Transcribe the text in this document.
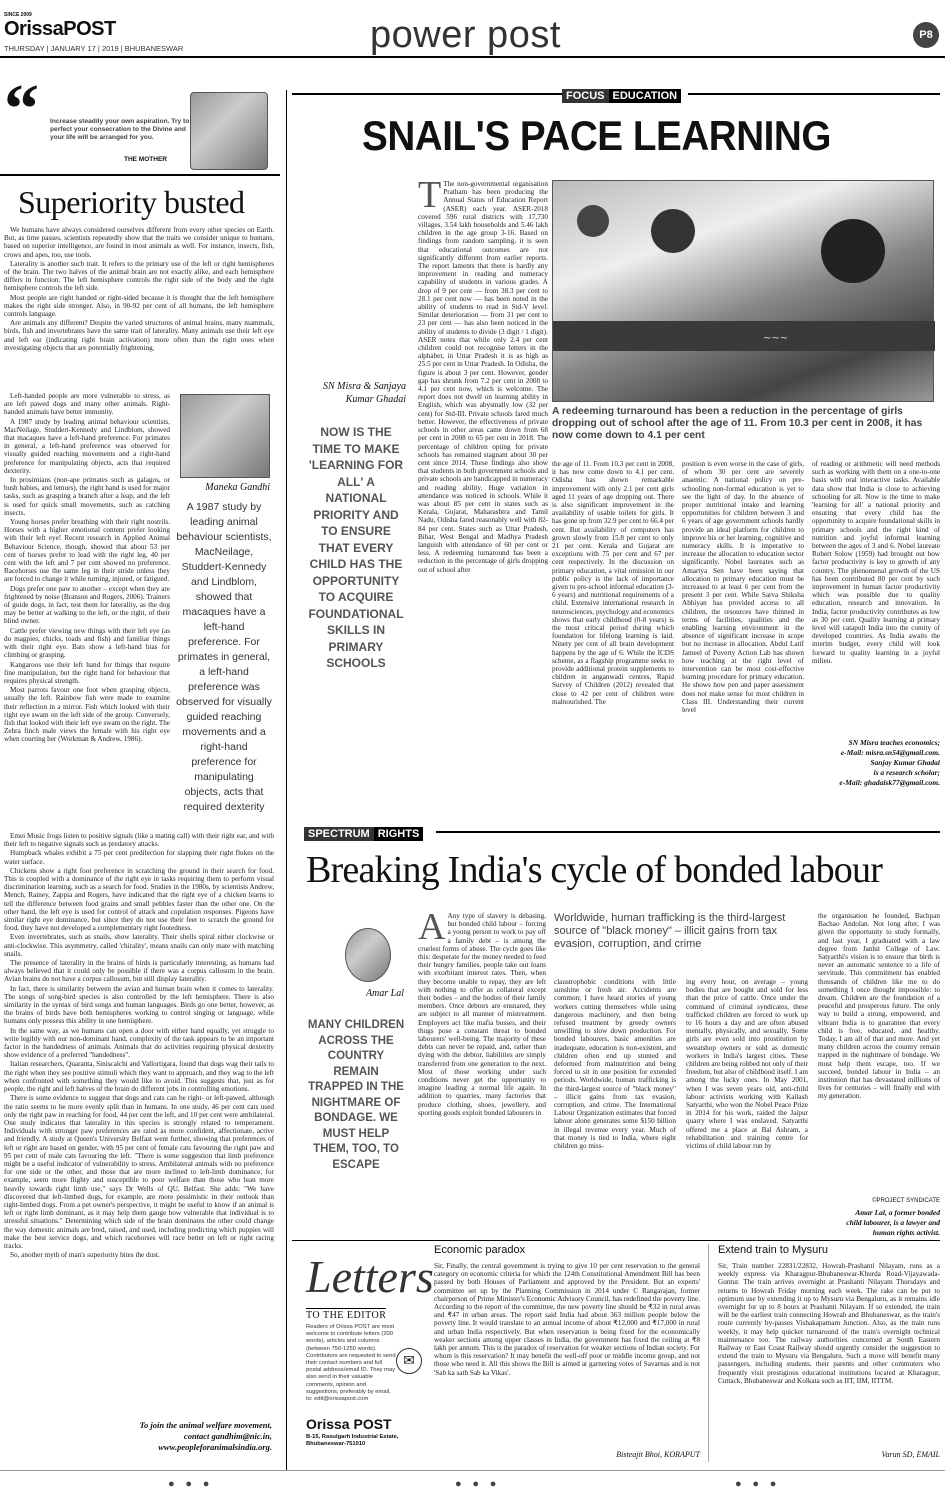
SINCE 2009
OrissaPOST
THURSDAY | JANUARY 17 | 2019 | BHUBANESWAR	power post	P8
“ Increase steadily your own aspiration. Try to perfect your consecration to the Divine and your life will be arranged for you.
THE MOTHER
Superiority busted

We humans have always considered ourselves different from every other species on Earth. But, as time passes, scientists repeatedly show that the traits we consider unique to humans, based on superior intelligence, are found in most animals as well. For instance, insects, fish, crows and apes, too, use tools.

Laterality is another such trait. It refers to the primary use of the left or right hemispheres of the brain. The two halves of the animal brain are not exactly alike, and each hemisphere differs in function. The left hemisphere controls the right side of the body and the right hemisphere controls the left side.

Most people are right handed or right-sided because it is thought that the left hemisphere makes the right side stronger. Also, in 90-92 per cent of all humans, the left hemisphere controls language.

Are animals any different? Despite the varied structures of animal brains, many mammals, birds, fish and invertebrates have the same trait of laterality. Many animals use their left eye and left ear (indicating right brain activation) more often than the right ones when investigating objects that are potentially frightening.

Left-handed people are more vulnerable to stress, as are left pawed dogs and many other animals. Right-handed animals have better immunity.

A 1987 study by leading animal behaviour scientists, MacNeilage, Studdert-Kennedy and Lindblom, showed that macaques have a left-hand preference. For primates in general, a left-hand preference was observed for visually guided reaching movements and a right-hand preference for manipulating objects, acts that required dexterity.

In prosimians (non-ape primates such as galagos, or bush babies, and lemurs), the right hand is used for major tasks, such as grasping a branch after a leap, and the left is used for quick small movements, such as catching insects.

Young horses prefer breathing with their right nostrils. Horses with a higher emotional content prefer looking with their left eye! Recent research in Applied Animal Behaviour Science, though, showed that about 53 per cent of horses prefer to lead with the right leg, 40 per cent with the left and 7 per cent showed no preference. Racehorses use the same leg in their stride unless they are forced to change it while turning, injured, or fatigued.

Dogs prefer one paw to another – except when they are frightened by noise (Branson and Rogers, 2006). Trainers of guide dogs, in fact, test them for laterality, as the dog may be better at walking to the left, or the right, of their blind owner.

Cattle prefer viewing new things with their left eye (as do magpies, chicks, toads and fish) and familiar things with their right eye. Bats show a left-hand bias for climbing or grasping.

Kangaroos use their left hand for things that require fine manipulation, but the right hand for behaviour that requires physical strength.

Most parrots favour one foot when grasping objects, usually the left. Rainbow fish were made to examine their reflection in a mirror. Fish which looked with their right eye swam on the left side of the group. Conversely, fish that looked with their left eye swam on the right. The Zebra finch male views the female with his right eye when courting her (Workman & Andrew, 1986).

Maneka Gandhi
A 1987 study by leading animal behaviour scientists, MacNeilage, Studdert-Kennedy and Lindblom, showed that macaques have a left-hand preference. For primates in general, a left-hand preference was observed for visually guided reaching movements and a right-hand preference for manipulating objects, acts that required dexterity

Emei Music frogs listen to positive signals (like a mating call) with their right ear, and with their left to negative signals such as predatory attacks.

Humpback whales exhibit a 75 per cent predilection for slapping their right flukes on the water surface.

Chickens show a right foot preference in scratching the ground in their search for food. This is coupled with a dominance of the right eye in tasks requiring them to perform visual discrimination learning, such as a search for food. Studies in the 1980s, by scientists Andrew, Mench, Rainey, Zappia and Rogers, have indicated that the right eye of a chicken learns to tell the difference between food grains and small pebbles faster than the other one. On the other hand, the left eye is used for control of attack and copulation responses. Pigeons have similar right eye dominance, but since they do not use their feet to scratch the ground for food, they have not developed a complementary right footedness.

Even invertebrates, such as snails, show laterality. Their shells spiral either clockwise or anti-clockwise. This asymmetry, called 'chirality', means snails can only mate with matching snails.

The presence of laterality in the brains of birds is particularly interesting, as humans had always believed that it could only be possible if there was a corpus callosum in the brain. Avian brains do not have a corpus callosum, but still display laterality.

In fact, there is similarity between the avian and human brain when it comes to laterality. The songs of song-bird species is also controlled by the left hemisphere. There is also similarity in the syntax of bird songs and human languages. Birds go one better, however, as the brains of birds have both hemispheres working to control singing or language, while humans only possess this ability in one hemisphere.

In the same way, as we humans can open a door with either hand equally, yet struggle to write legibly with our non-dominant hand, complexity of the task appears to be an important factor in the handedness of animals. Animals that do activities requiring physical dexterity show evidence of a preferred "handedness".

Italian researchers, Quaranta, Siniscalchi and Vallortigara, found that dogs wag their tails to the right when they see positive stimuli which they want to approach, and they wag to the left when confronted with something they would like to avoid. This suggests that, just as for people, the right and left halves of the brain do different jobs in controlling emotions.

There is some evidence to suggest that dogs and cats can be right- or left-pawed, although the ratio seems to be more evenly split than in humans. In one study, 46 per cent cats used only the right paw in reaching for food, 44 per cent the left, and 10 per cent were ambilateral. One study indicates that laterality in this species is strongly related to temperament. Individuals with stronger paw preferences are rated as more confident, affectionate, active and friendly. A study at Queen's University Belfast went further, showing that preferences of left or right are based on gender, with 95 per cent of female cats favouring the right paw and 95 per cent of male cats favouring the left. "There is some suggestion that limb preference might be a useful indicator of vulnerability to stress. Ambilateral animals with no preference for one side or the other, and those that are more inclined to left-limb dominance, for example, seem more flighty and susceptible to poor welfare than those who lean more heavily towards right limb use," says Dr Wells of QU, Belfast. She adds: "We have discovered that left-limbed dogs, for example, are more pessimistic in their outlook than right-limbed dogs. From a pet owner's perspective, it might be useful to know if an animal is left or right limb dominant, as it may help them gauge how vulnerable that individual is to stressful situations." Determining which side of the brain dominates the other could change the way domestic animals are bred, raised, and used, including predicting which puppies will make the best service dogs, and which racehorses will race better on left or right racing tracks.

So, another myth of man's superiority bites the dust.

To join the animal welfare movement,
contact gandhim@nic.in,
www.peopleforanimalsindia.org.
FOCUS EDUCATION
SNAIL'S PACE LEARNING
SN Misra & Sanjaya Kumar Ghadai
NOW IS THE TIME TO MAKE 'LEARNING FOR ALL' A NATIONAL PRIORITY AND TO ENSURE THAT EVERY CHILD HAS THE OPPORTUNITY TO ACQUIRE FOUNDATIONAL SKILLS IN PRIMARY SCHOOLS
T The non-governmental organisation Pratham has been producing the Annual Status of Education Report (ASER) each year. ASER-2018 covered 596 rural districts with 17,730 villages, 3.54 lakh households and 5.46 lakh children in the age group 3-16. Based on findings from random sampling, it is seen that educational outcomes are not significantly different from earlier reports. The report laments that there is hardly any improvement in reading and numeracy capability of students in various grades. A drop of 9 per cent — from 38.3 per cent to 28.1 per cent now — has been noted in the ability of students to read in Std-V level. Similar deterioration — from 31 per cent to 23 per cent — has also been noticed in the ability of students to divide (3 digit / 1 digit). ASER notes that while only 2.4 per cent children could not recognise letters in the alphabet, in Uttar Pradesh it is as high as 25.5 per cent in Uttar Pradesh. In Odisha, the figure is about 3 per cent. However, gender gap has shrunk from 7.2 per cent in 2008 to 4.1 per cent now, which is welcome. The report does not dwell on learning ability in English, which was abysmally low (32 per cent) for Std-III. Private schools fared much better. However, the effectiveness of private schools in other areas came down from 68 per cent in 2008 to 65 per cent in 2018. The percentage of children opting for private schools has remained stagnant about 30 per cent since 2014. These findings also show that students in both government schools and private schools are handicapped in numeracy and reading ability. Huge variation in attendance was noticed in schools. While it was about 85 per cent in states such as Kerala, Gujarat, Maharashtra and Tamil Nadu, Odisha fared reasonably well with 82-84 per cent. States such as Uttar Pradesh, Bihar, West Bengal and Madhya Pradesh languish with attendance of 60 per cent or less. A redeeming turnaround has been a reduction in the percentage of girls dropping out of school after
~~~
A redeeming turnaround has been a reduction in the percentage of girls dropping out of school after the age of 11. From 10.3 per cent in 2008, it has now come down to 4.1 per cent
the age of 11. From 10.3 per cent in 2008, it has now come down to 4.1 per cent. Odisha has shown remarkable improvement with only 2.1 per cent girls aged 11 years of age dropping out. There is also significant improvement in the availability of usable toilets for girls. It has gone up from 32.9 per cent to 66.4 per cent. But availability of computers has grown slowly from 15.8 per cent to only 21 per cent. Kerala and Gujarat are exceptions with 75 per cent and 67 per cent respectively. In the discussion on primary education, a vital omission in our public policy is the lack of importance given to pre-school informal education (3-6 years) and nutritional requirements of a child. Extensive international research in neurosciences, psychology and economics shows that early childhood (0-8 years) is the most critical period during which foundation for lifelong learning is laid. Ninety per cent of all brain development happens by the age of 6. While the ICDS scheme, as a flagship programme seeks to provide additional protein supplements to children in anganwadi centres, Rapid Survey of Children (2012) revealed that close to 42 per cent of children were malnourished. The
position is even worse in the case of girls, of whom 30 per cent are severely anaemic. A national policy on pre-schooling non-formal education is yet to see the light of day. In the absence of proper nutritional intake and learning opportunities for children between 3 and 6 years of age government schools hardly provide an ideal platform for children to improve his or her learning, cognitive and numeracy skills. It is imperative to increase the allocation to education sector significantly. Nobel laureates such as Amartya Sen have been saying that allocation to primary education must be increased to at least 6 per cent from the present 3 per cent. While Sarva Shiksha Abhiyan has provided access to all children, the resources have thinned in terms of facilities, qualities and the enabling learning environment in the absence of significant increase in scope but no increase in allocation. Abdul Latif Jameel of Poverty Action Lab has shown how teaching at the right level of intervention can be most cost-effective learning procedure for primary education. He shows how pen and paper assessment does not make sense for most children in Class III. Understanding their current level
of reading or arithmetic will need methods such as working with them on a one-to-one basis with oral interactive tasks. Available data show that India is close to achieving schooling for all. Now is the time to make 'learning for all' a national priority and ensuring that every child has the opportunity to acquire foundational skills in primary schools and the right kind of nutrition and joyful informal learning between the ages of 3 and 6. Nobel laureate Robert Solow (1959) had brought out how factor productivity is key to growth of any country. The phenomenal growth of the US has been contributed 80 per cent by such improvement in human factor productivity which was possible due to quality education, research and innovation. In India, factor productivity contributes as low as 30 per cent. Quality learning at primary level will catapult India into the comity of developed countries. As India awaits the interim budget, every child will look forward to quality learning in a joyful milieu.
SN Misra teaches economics;
e-Mail: misra.sn54@gmail.com.
Sanjay Kumar Ghadai
is a research scholar;
e-Mail: ghadaisk77@gmail.com.
SPECTRUM RIGHTS
Breaking India's cycle of bonded labour
Amar Lal
MANY CHILDREN ACROSS THE COUNTRY REMAIN TRAPPED IN THE NIGHTMARE OF BONDAGE. WE MUST HELP THEM, TOO, TO ESCAPE
A Any type of slavery is debasing, but bonded child labour – forcing a young person to work to pay off a family debt – is among the cruelest forms of abuse. The cycle goes like this: desperate for the money needed to feed their hungry families, people take out loans with exorbitant interest rates. Then, when they become unable to repay, they are left with nothing to offer as collateral except their bodies – and the bodies of their family members. Once debtors are ensnared, they are subject to all manner of mistreatment. Employers act like mafia bosses, and their thugs pose a constant threat to bonded labourers' well-being. The majority of these debts can never be repaid, and, rather than dying with the debtor, liabilities are simply transferred from one generation to the next. Most of those working under such conditions never get the opportunity to imagine leading a normal life again. In addition to quarries, many factories that produce clothing, shoes, jewellery, and sporting goods exploit bonded labourers in
Worldwide, human trafficking is the third-largest source of "black money" – illicit gains from tax evasion, corruption, and crime
claustrophobic conditions with little sunshine or fresh air. Accidents are common; I have heard stories of young workers cutting themselves while using dangerous machinery, and then being refused treatment by greedy owners unwilling to slow down production. For bonded labourers, basic amenities are inadequate, education is non-existent, and children often end up stunted and deformed from malnutrition and being forced to sit in one position for extended periods. Worldwide, human trafficking is the third-largest source of "black money" – illicit gains from tax evasion, corruption, and crime. The International Labour Organization estimates that forced labour alone generates some $150 billion in illegal revenue every year. Much of that money is tied to India, where eight children go miss-
ing every hour, on average – young bodies that are bought and sold for less than the price of cattle. Once under the command of criminal syndicates, these trafficked children are forced to work up to 16 hours a day and are often abused mentally, physically, and sexually. Some girls are even sold into prostitution by sweatshop owners or sold as domestic workers in India's largest cities. These children are being robbed not only of their freedom, but also of childhood itself. I am among the lucky ones. In May 2001, when I was seven years old, anti-child labour activists working with Kailash Satyarthi, who won the Nobel Peace Prize in 2014 for his work, raided the Jaipur quarry where I was enslaved. Satyarthi offered me a place at Bal Ashram, a rehabilitation and training centre for victims of child labour run by
the organisation he founded, Bachpan Bachao Andolan. Not long after, I was given the opportunity to study formally, and last year, I graduated with a law degree from Janhit College of Law. Satyarthi's vision is to ensure that birth is never an automatic sentence to a life of servitude. This commitment has enabled thousands of children like me to do something I once thought impossible: to dream. Children are the foundation of a peaceful and prosperous future. The only way to build a strong, empowered, and vibrant India is to guarantee that every child is free, educated, and healthy. Today, I am all of that and more. And yet many children across the country remain trapped in the nightmare of bondage. We must help them escape, too. If we succeed, bonded labour in India – an institution that has devastated millions of lives for centuries – will finally end with my generation.
©PROJECT SYNDICATE
Amar Lal, a former bonded
child labourer, is a lawyer and
human rights activist.
Letters
TO THE EDITOR
Readers of Orissa POST are most welcome to contribute letters (200 words), articles and columns (between 750-1250 words). Contributors are requested to send their contact numbers and full postal address/email ID. They may also send in their valuable comments, opinion and suggestions, preferably by email, to: edit@orissapost.com
✉
Orissa POST
B-15, Rasulgarh Industrial Estate,
Bhubaneswar-751010
Economic paradox
Sir, Finally, the central government is trying to give 10 per cent reservation to the general category on economic criteria for which the 124th Constitutional Amendment Bill has been passed by both Houses of Parliament and approved by the President. But an experts' committee set up by the Planning Commission in 2014 under C Rangarajan, former chairperson of Prime Minister's Economic Advisory Council, has redefined the poverty line. According to the report of the committee, the new poverty line should be ₹32 in rural areas and ₹47 in urban areas. The report said India had about 363 million people below the poverty line. It would translate to an annual income of about ₹12,000 and ₹17,000 in rural and urban India respectively. But when reservation is being fixed for the economically weaker sections among upper classes in India, the government has fixed the ceiling at ₹8 lakh per annum. This is the paradox of reservation for weaker sections of Indian society. For whom is this reservation? It may benefit the well-off poor or middle income group, and not those who need it. All this shows the Bill is aimed at garnering votes of Savarnas and is not 'Sab ka sath Sab ka Vikas'.
Bisteajit Bhoi, KORAPUT
Extend train to Mysuru
Sir, Train number 22831/22832, Howrah-Prashanti Nilayam, runs as a weekly express via Kharagpur-Bhubaneswar-Khurda Road-Vijayawada-Guntur. The train arrives overnight at Prashanti Nilayam Thursdays and returns to Howrah Friday morning each week. The rake can be put to optimum use by extending it up to Mysuru via Bengaluru, as it remains idle overnight for up to 8 hours at Prashanti Nilayam. If so extended, the train will be the earliest train connecting Howrah and Bhubaneswar, as the train's route currently by-passes Vishakapatnam Junction. Also, as the train runs weekly, it may help quicker turnaround of the train's overnight technical maintenance too. The railway authorities concerned at South Eastern Railway or East Coast Railway should urgently consider the suggestion to extend the train to Mysuru via Bengaluru. Such a move will benefit many passengers, including students, their parents and other commuters who frequently visit prestigious educational institutions located at Kharagpur, Cuttack, Bhubaneswar and Kolkata such as IIT, IIM, IITTM.
Varun SD, EMAIL
● ● ●	● ● ●	● ● ●
